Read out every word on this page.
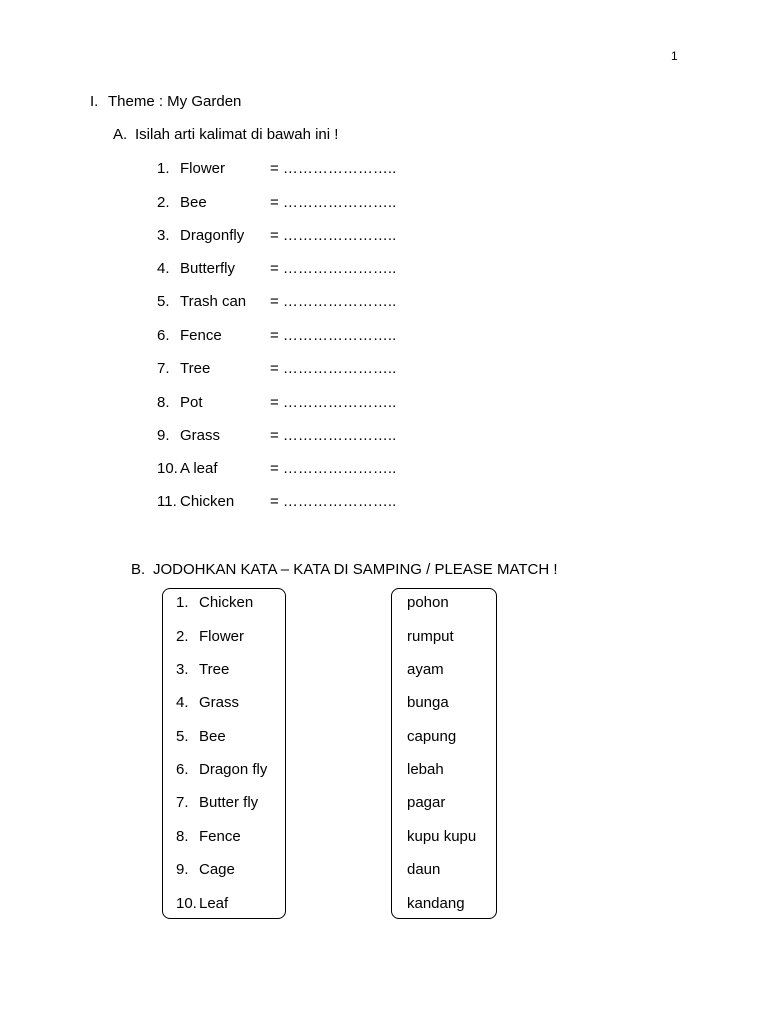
1
I. Theme : My Garden
A. Isilah arti kalimat di bawah ini !
1. Flower	= …………………..
2. Bee	= …………………..
3. Dragonfly = …………………..
4. Butterfly = …………………..
5. Trash can = …………………..
6. Fence	= …………………..
7. Tree	= …………………..
8. Pot	= …………………..
9. Grass	= …………………..
10. A leaf	= …………………..
11. Chicken = …………………..
B. JODOHKAN KATA – KATA DI SAMPING / PLEASE MATCH !
1. Chicken
2. Flower
3. Tree
4. Grass
5. Bee
6. Dragon fly
7. Butter fly
8. Fence
9. Cage
10. Leaf
pohon
rumput
ayam
bunga
capung
lebah
pagar
kupu kupu
daun
kandang
